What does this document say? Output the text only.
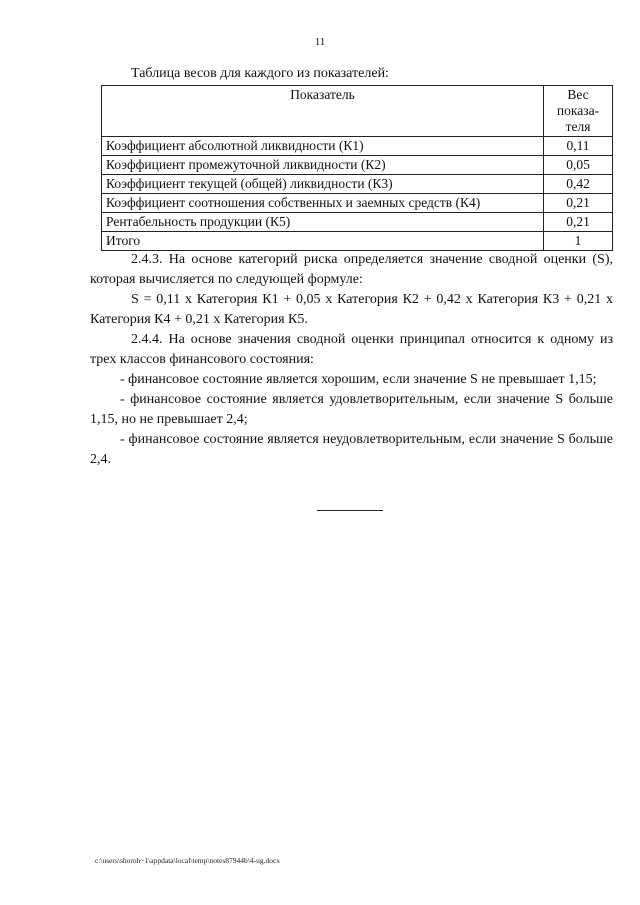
11
Таблица весов для каждого из показателей:
Показатель	Вес показа-теля
Коэффициент абсолютной ликвидности (К1)	0,11
Коэффициент промежуточной ликвидности (К2)	0,05
Коэффициент текущей (общей) ликвидности (К3)	0,42
Коэффициент соотношения собственных и заемных средств (К4)	0,21
Рентабельность продукции (К5)	0,21
Итого	1

2.4.3. На основе категорий риска определяется значение сводной оценки (S), которая вычисляется по следующей формуле:

S = 0,11 x Категория К1 + 0,05 x Категория К2 + 0,42 x Категория К3 + 0,21 x Категория К4 + 0,21 x Категория К5.

2.4.4. На основе значения сводной оценки принципал относится к одному из трех классов финансового состояния:

- финансовое состояние является хорошим, если значение S не превышает 1,15;

- финансовое состояние является удовлетворительным, если значение S больше 1,15, но не превышает 2,4;

- финансовое состояние является неудовлетворительным, если значение S больше 2,4.

c:\users\shoroh~1\appdata\local\temp\notes87944b\4-ug.docx
